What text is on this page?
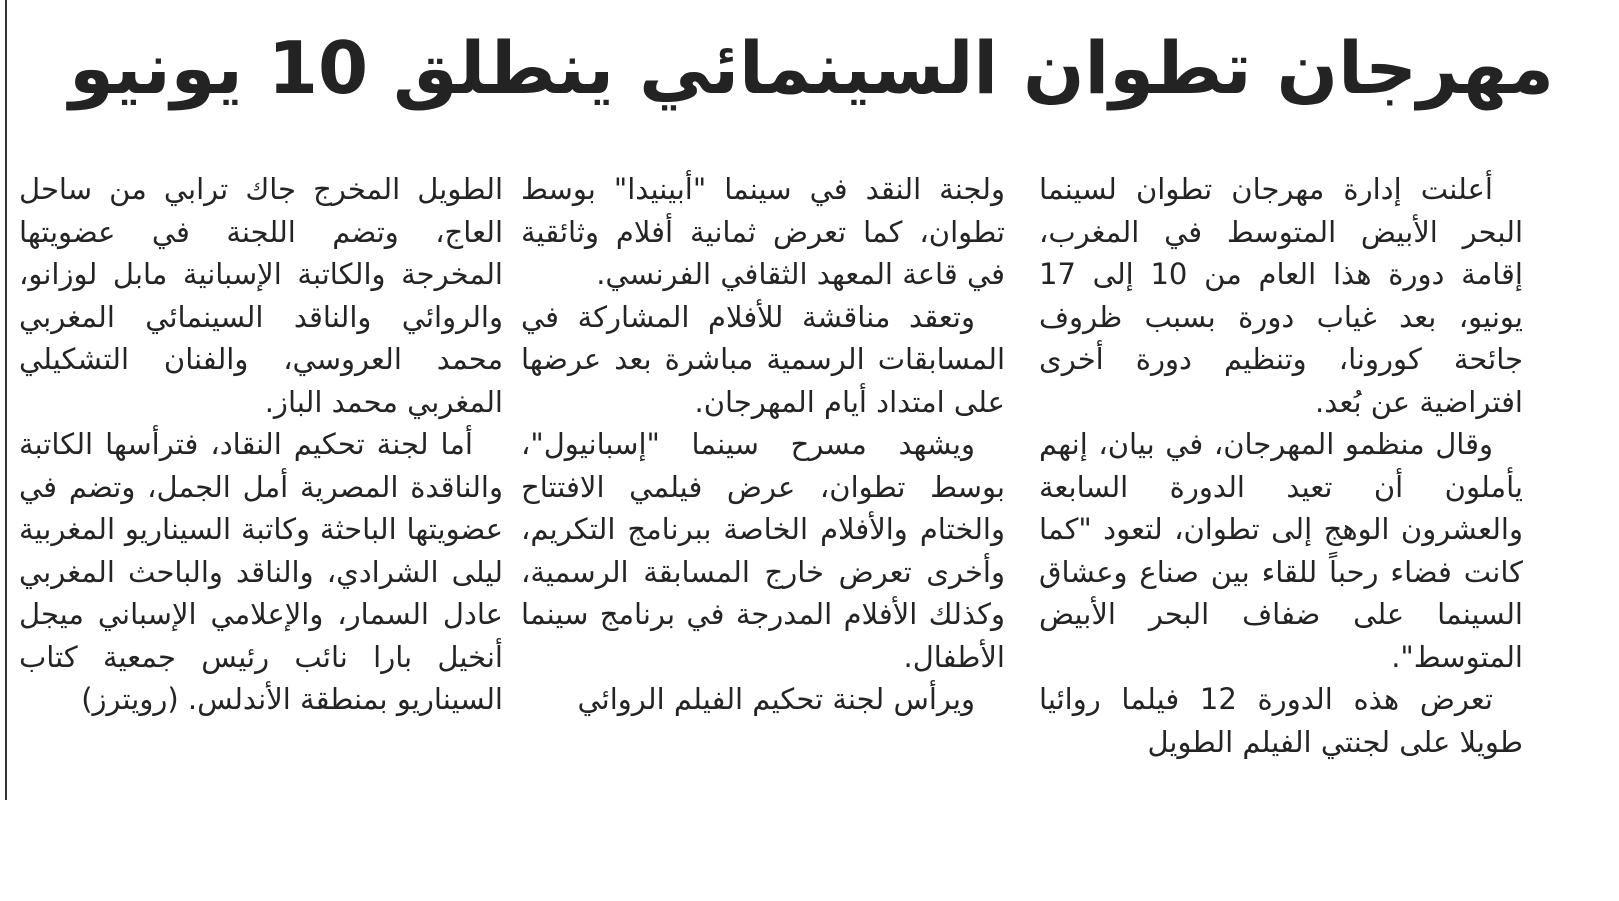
مهرجان تطوان السينمائي ينطلق 10 يونيو

أعلنت إدارة مهرجان تطوان لسينما البحر الأبيض المتوسط في المغرب، إقامة دورة هذا العام من 10 إلى 17 يونيو، بعد غياب دورة بسبب ظروف جائحة كورونا، وتنظيم دورة أخرى افتراضية عن بُعد.

وقال منظمو المهرجان، في بيان، إنهم يأملون أن تعيد الدورة السابعة والعشرون الوهج إلى تطوان، لتعود "كما كانت فضاء رحباً للقاء بين صناع وعشاق السينما على ضفاف البحر الأبيض المتوسط".

تعرض هذه الدورة 12 فيلما روائيا طويلا على لجنتي الفيلم الطويل

ولجنة النقد في سينما "أبينيدا" بوسط تطوان، كما تعرض ثمانية أفلام وثائقية في قاعة المعهد الثقافي الفرنسي.

وتعقد مناقشة للأفلام المشاركة في المسابقات الرسمية مباشرة بعد عرضها على امتداد أيام المهرجان.

ويشهد مسرح سينما "إسبانيول"، بوسط تطوان، عرض فيلمي الافتتاح والختام والأفلام الخاصة ببرنامج التكريم، وأخرى تعرض خارج المسابقة الرسمية، وكذلك الأفلام المدرجة في برنامج سينما الأطفال.

ويرأس لجنة تحكيم الفيلم الروائي

الطويل المخرج جاك ترابي من ساحل العاج، وتضم اللجنة في عضويتها المخرجة والكاتبة الإسبانية مابل لوزانو، والروائي والناقد السينمائي المغربي محمد العروسي، والفنان التشكيلي المغربي محمد الباز.

أما لجنة تحكيم النقاد، فترأسها الكاتبة والناقدة المصرية أمل الجمل، وتضم في عضويتها الباحثة وكاتبة السيناريو المغربية ليلى الشرادي، والناقد والباحث المغربي عادل السمار، والإعلامي الإسباني ميجل أنخيل بارا نائب رئيس جمعية كتاب السيناريو بمنطقة الأندلس. (رويترز)
